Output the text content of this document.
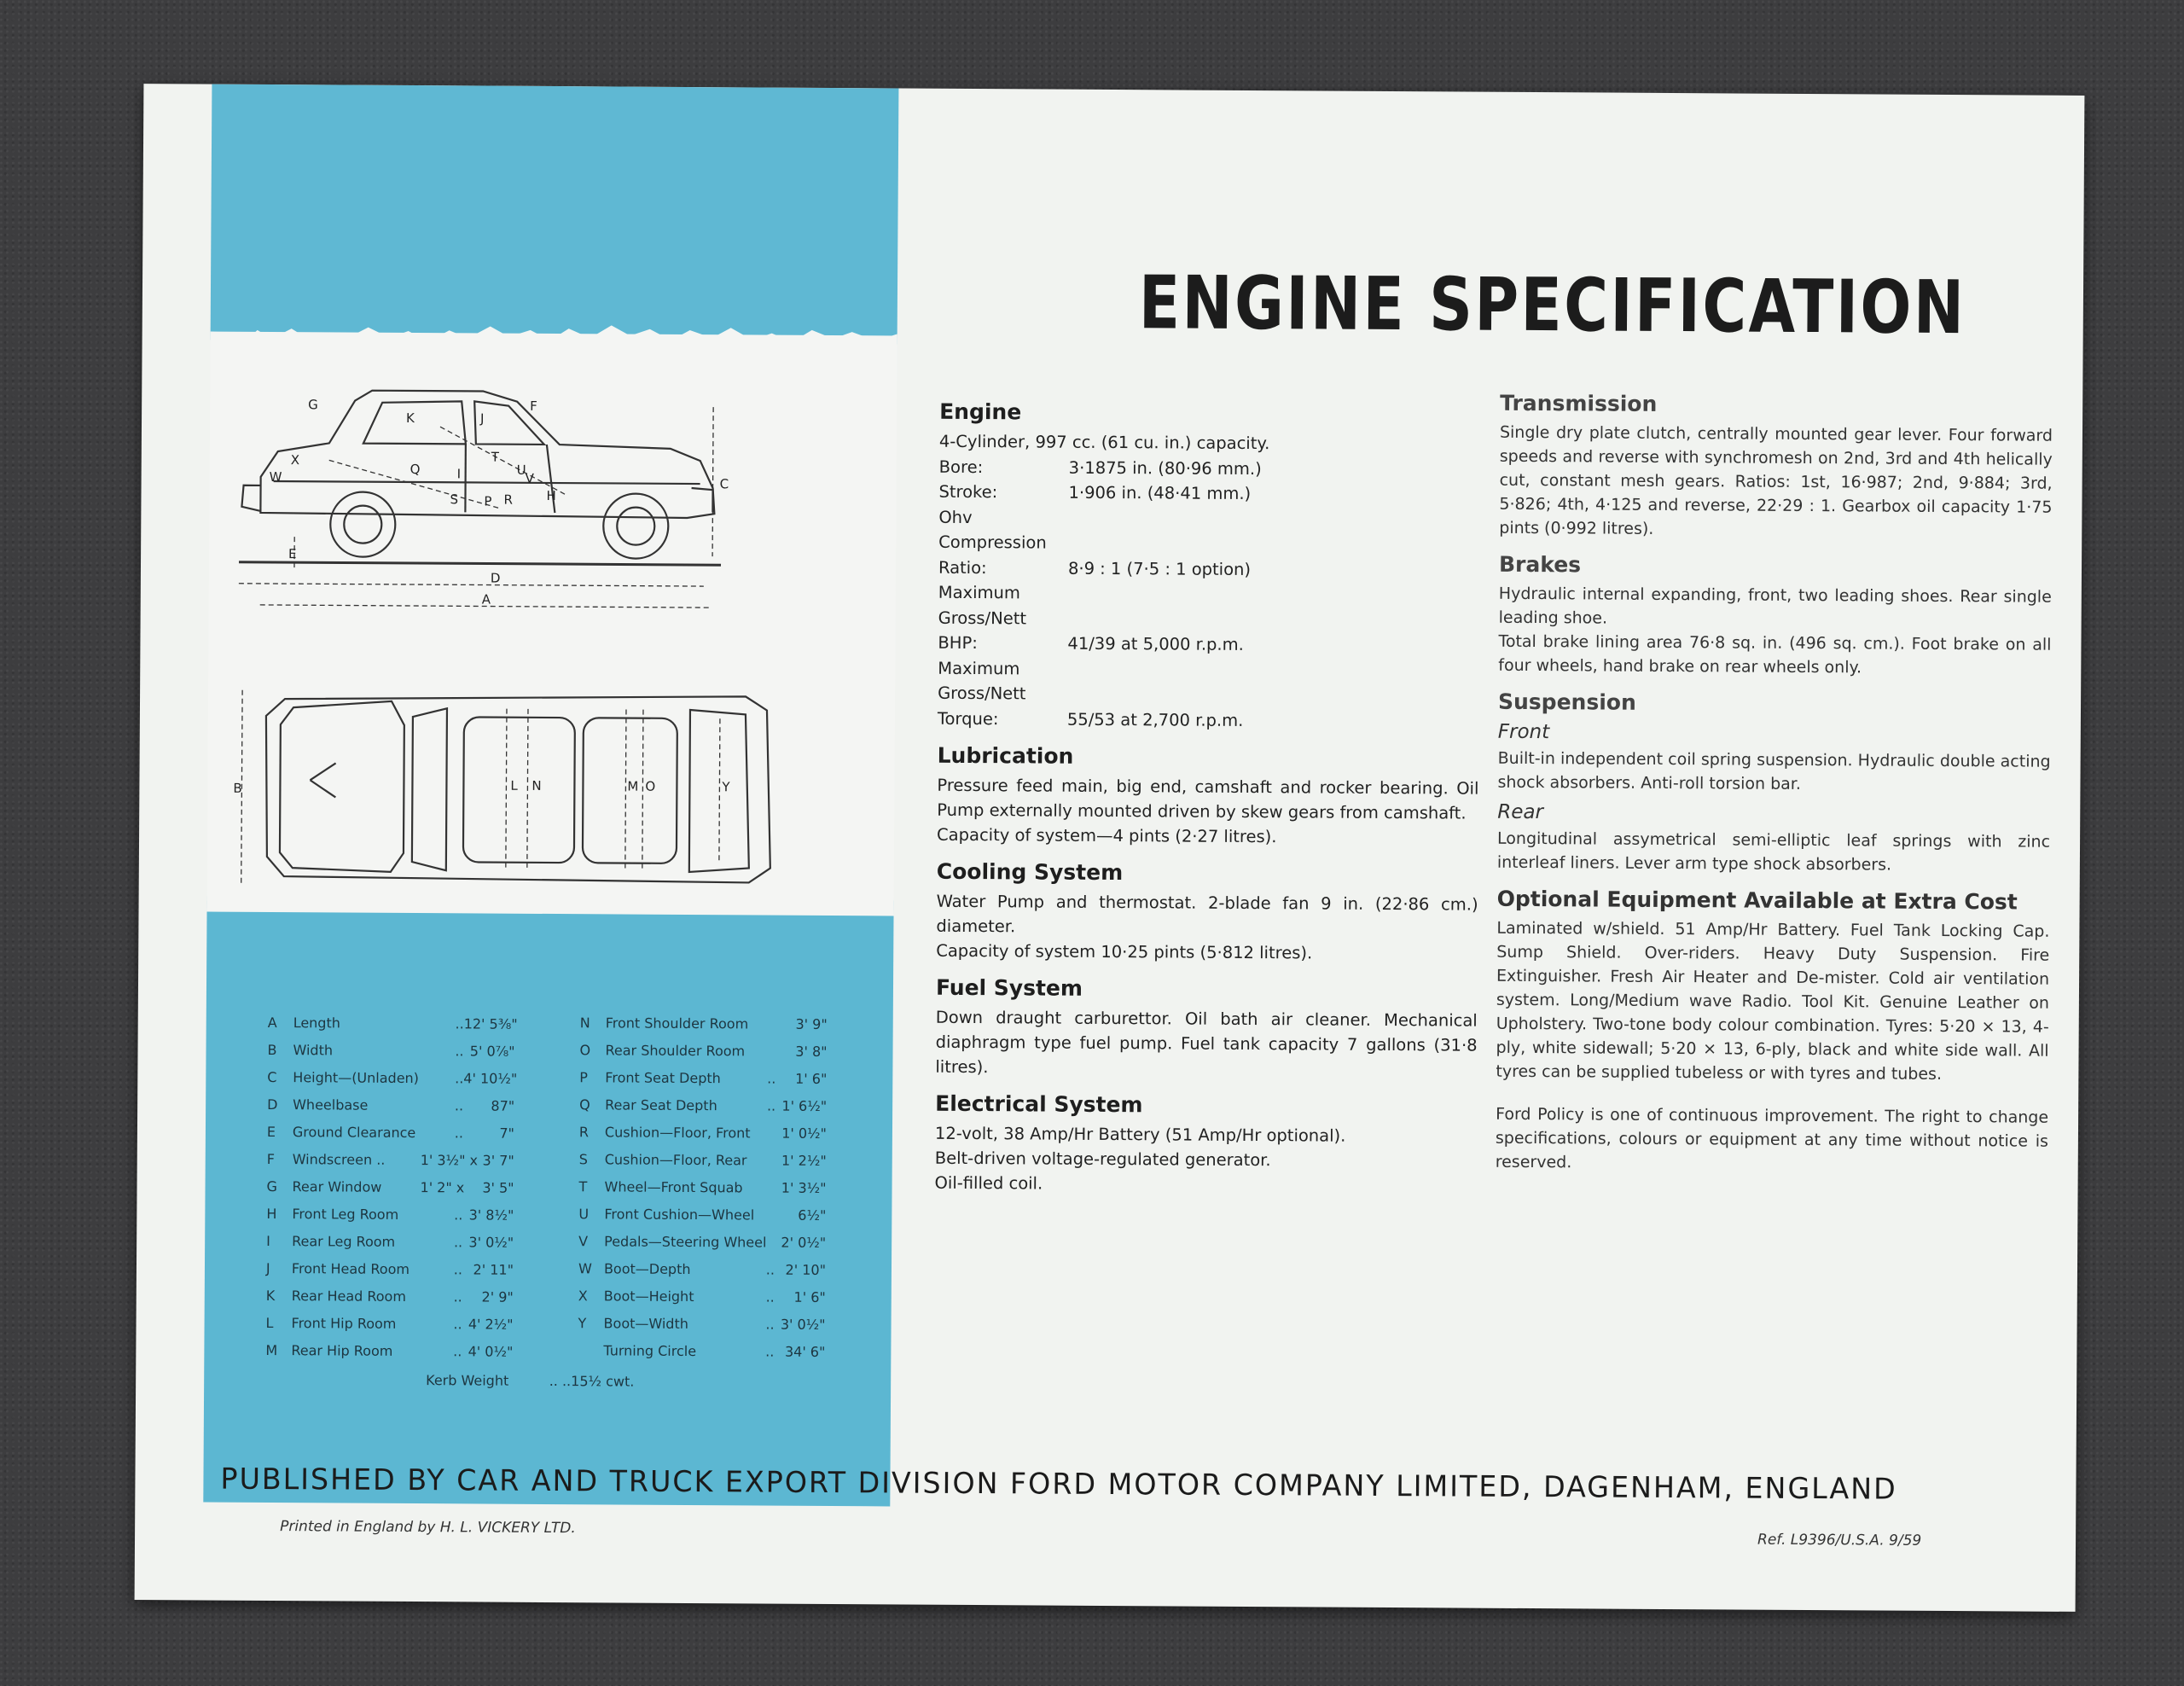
G
K	J
F
X
W	Q
T
I
S	R
P
V
H
U
E
D
A
C
B	L N	M O	Y
A	Length	.. 12' 5⅜"
B	Width	.. 5' 0⅞"
C	Height—(Unladen)	.. 4' 10½"
D	Wheelbase	..	87"
E	Ground Clearance	..	7"
F	Windscreen ..	1' 3½" x 3' 7"
G	Rear Window	1' 2" x	3' 5"
H	Front Leg Room	.. 3' 8½"
I	Rear Leg Room	.. 3' 0½"
J	Front Head Room	.. 2' 11"
K	Rear Head Room	..	2' 9"
L	Front Hip Room	.. 4' 2½"
M	Rear Hip Room	.. 4' 0½"
N	Front Shoulder Room	3' 9"
O	Rear Shoulder Room	3' 8"
P	Front Seat Depth	..	1' 6"
Q	Rear Seat Depth	.. 1' 6½"
R	Cushion—Floor, Front	1' 0½"
S	Cushion—Floor, Rear	1' 2½"
T	Wheel—Front Squab	1' 3½"
U	Front Cushion—Wheel	6½"
V	Pedals—Steering Wheel	2' 0½"
W Boot—Depth	.. 2' 10"
X	Boot—Height	..	1' 6"
Y	Boot—Width	.. 3' 0½"
Turning Circle	.. 34' 6"
Kerb Weight	.. .. 15½ cwt.
ENGINE SPECIFICATION
Engine
4-Cylinder, 997 cc. (61 cu. in.) capacity.
Bore:	3·1875 in. (80·96 mm.)
Stroke:	1·906 in. (48·41 mm.)
Ohv
Compression
Ratio:	8·9 : 1 (7·5 : 1 option)
Maximum
Gross/Nett
BHP:	41/39 at 5,000 r.p.m.
Maximum
Gross/Nett
Torque:	55/53 at 2,700 r.p.m.
Lubrication
Pressure feed main, big end, camshaft and rocker bearing. Oil Pump externally mounted driven by skew gears from camshaft.
Capacity of system—4 pints (2·27 litres).
Cooling System
Water Pump and thermostat. 2-blade fan 9 in. (22·86 cm.) diameter.
Capacity of system 10·25 pints (5·812 litres).
Fuel System
Down draught carburettor. Oil bath air cleaner. Mechanical diaphragm type fuel pump. Fuel tank capacity 7 gallons (31·8 litres).
Electrical System
12-volt, 38 Amp/Hr Battery (51 Amp/Hr optional).
Belt-driven voltage-regulated generator.
Oil-filled coil.
Transmission
Single dry plate clutch, centrally mounted gear lever. Four forward speeds and reverse with synchromesh on 2nd, 3rd and 4th helically cut, constant mesh gears. Ratios: 1st, 16·987; 2nd, 9·884; 3rd, 5·826; 4th, 4·125 and reverse, 22·29 : 1. Gearbox oil capacity 1·75 pints (0·992 litres).
Brakes
Hydraulic internal expanding, front, two leading shoes. Rear single leading shoe.
Total brake lining area 76·8 sq. in. (496 sq. cm.). Foot brake on all four wheels, hand brake on rear wheels only.
Suspension
Front
Built-in independent coil spring suspension. Hydraulic double acting shock absorbers. Anti-roll torsion bar.
Rear
Longitudinal assymetrical semi-elliptic leaf springs with zinc interleaf liners. Lever arm type shock absorbers.
Optional Equipment Available at Extra Cost
Laminated w/shield. 51 Amp/Hr Battery. Fuel Tank Locking Cap. Sump Shield. Over-riders. Heavy Duty Suspension. Fire Extinguisher. Fresh Air Heater and De-mister. Cold air ventilation system. Long/Medium wave Radio. Tool Kit. Genuine Leather on Upholstery. Two-tone body colour combination. Tyres: 5·20 × 13, 4-ply, white sidewall; 5·20 × 13, 6-ply, black and white side wall. All tyres can be supplied tubeless or with tyres and tubes.
Ford Policy is one of continuous improvement. The right to change specifications, colours or equipment at any time without notice is reserved.
PUBLISHED BY CAR AND TRUCK EXPORT DIVISION FORD MOTOR COMPANY LIMITED, DAGENHAM, ENGLAND
Printed in England by H. L. VICKERY LTD.
Ref. L9396/U.S.A. 9/59
